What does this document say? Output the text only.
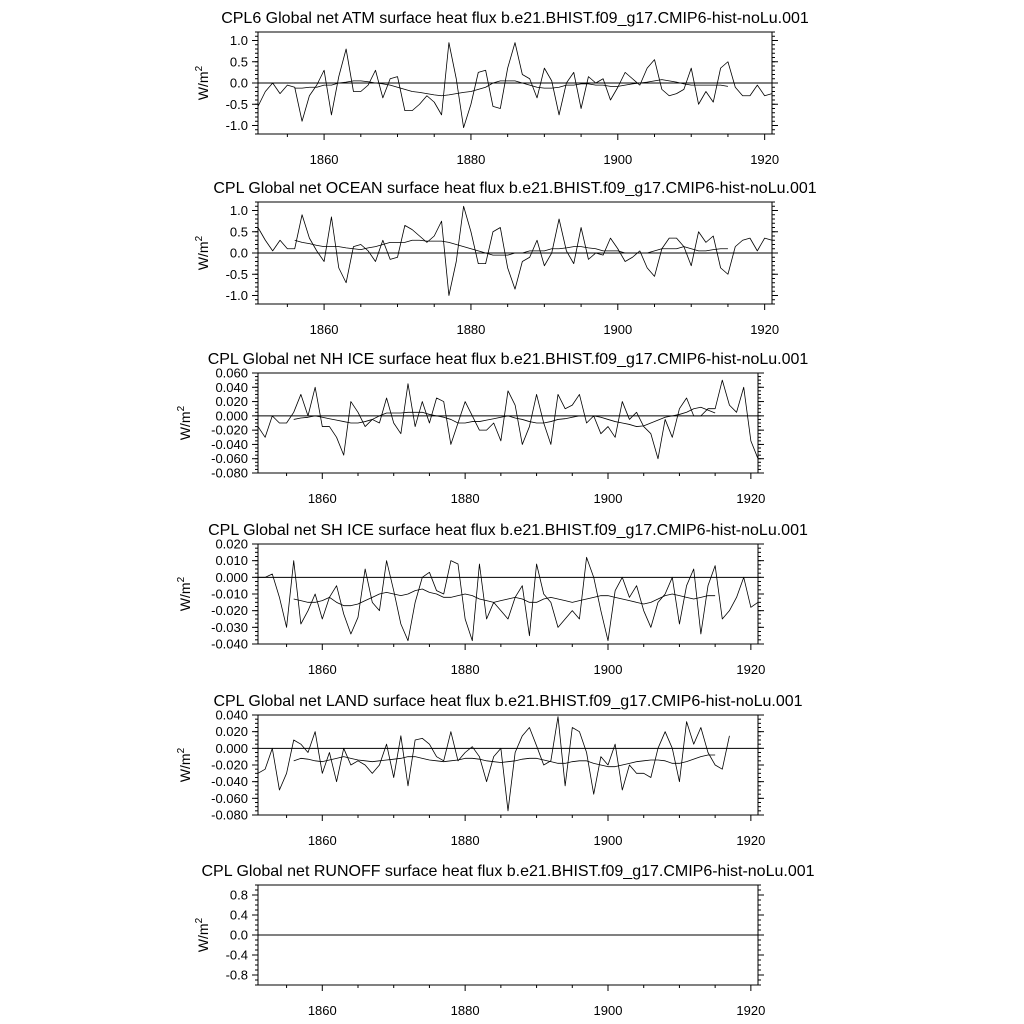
CPL6 Global net ATM surface heat flux b.e21.BHIST.f09_g17.CMIP6-hist-noLu.001
-1.0
-0.5
0.0
0.5
1.0
1860	1880	1900	1920
$W/m^2$
CPL Global net OCEAN surface heat flux b.e21.BHIST.f09_g17.CMIP6-hist-noLu.001
-1.0
-0.5
0.0
0.5
1.0
1860	1880	1900	1920
$W/m^2$
CPL Global net NH ICE surface heat flux b.e21.BHIST.f09_g17.CMIP6-hist-noLu.001
-0.080
-0.060
-0.040
-0.020
0.000
0.020
0.040
0.060
1860	1880	1900	1920
$W/m^2$
CPL Global net SH ICE surface heat flux b.e21.BHIST.f09_g17.CMIP6-hist-noLu.001
-0.040
-0.030
-0.020
-0.010
0.000
0.010
0.020
1860	1880	1900	1920
$W/m^2$
CPL Global net LAND surface heat flux b.e21.BHIST.f09_g17.CMIP6-hist-noLu.001
-0.080
-0.060
-0.040
-0.020
0.000
0.020
0.040
1860	1880	1900	1920
$W/m^2$
CPL Global net RUNOFF surface heat flux b.e21.BHIST.f09_g17.CMIP6-hist-noLu.001
-0.8
-0.4
0.0
0.4
0.8
1860	1880	1900	1920
$W/m^2$
